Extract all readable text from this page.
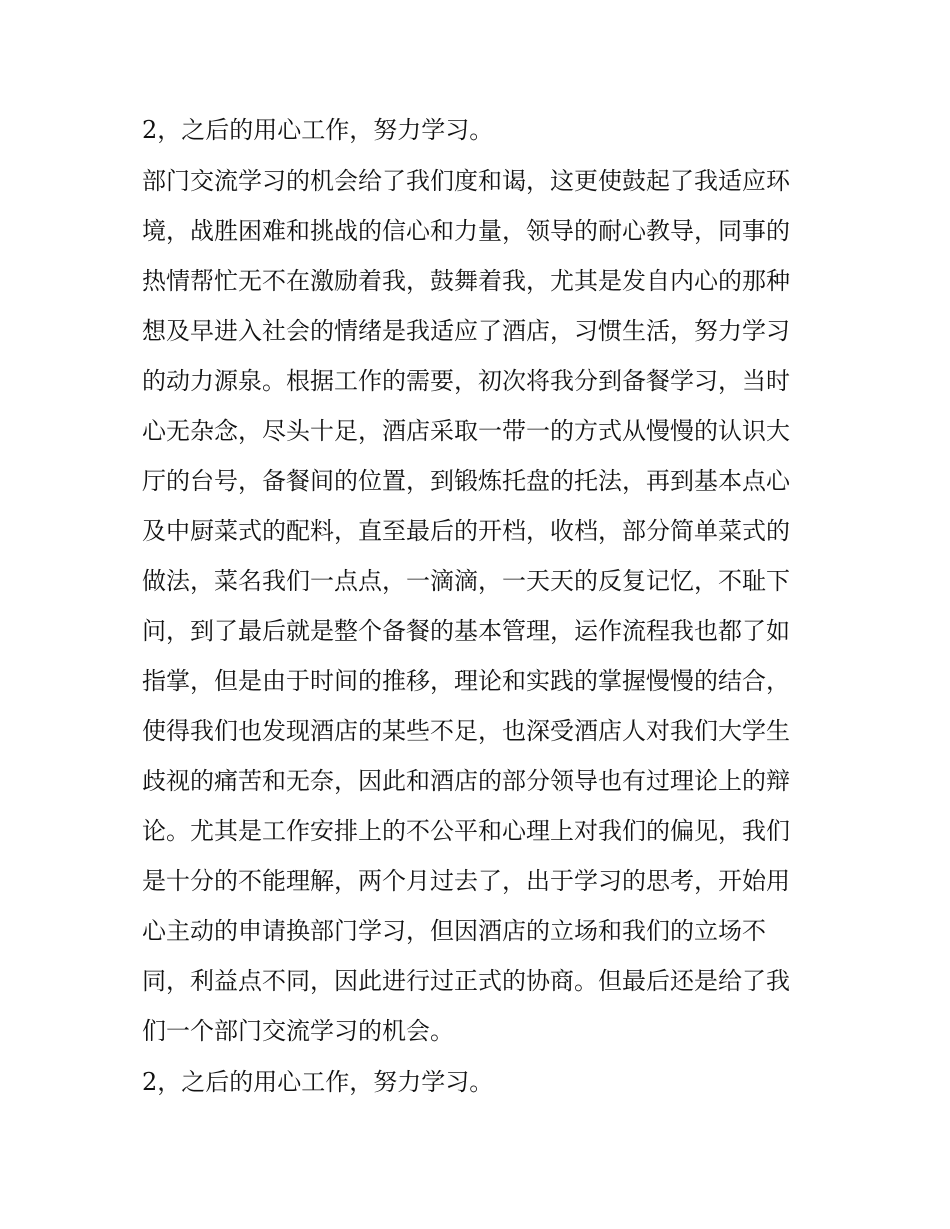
2，之后的用心工作，努力学习。
部门交流学习的机会给了我们度和谒，这更使鼓起了我适应环
境，战胜困难和挑战的信心和力量，领导的耐心教导，同事的
热情帮忙无不在激励着我，鼓舞着我，尤其是发自内心的那种
想及早进入社会的情绪是我适应了酒店，习惯生活，努力学习
的动力源泉。根据工作的需要，初次将我分到备餐学习，当时
心无杂念，尽头十足，酒店采取一带一的方式从慢慢的认识大
厅的台号，备餐间的位置，到锻炼托盘的托法，再到基本点心
及中厨菜式的配料，直至最后的开档，收档，部分简单菜式的
做法，菜名我们一点点，一滴滴，一天天的反复记忆，不耻下
问，到了最后就是整个备餐的基本管理，运作流程我也都了如
指掌，但是由于时间的推移，理论和实践的掌握慢慢的结合，
使得我们也发现酒店的某些不足，也深受酒店人对我们大学生
歧视的痛苦和无奈，因此和酒店的部分领导也有过理论上的辩
论。尤其是工作安排上的不公平和心理上对我们的偏见，我们
是十分的不能理解，两个月过去了，出于学习的思考，开始用
心主动的申请换部门学习，但因酒店的立场和我们的立场不
同，利益点不同，因此进行过正式的协商。但最后还是给了我
们一个部门交流学习的机会。
2，之后的用心工作，努力学习。
